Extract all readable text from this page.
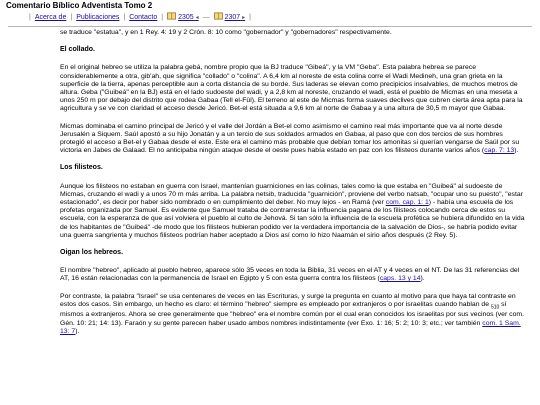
Comentario Bíblico Adventista Tomo 2
| Acerca de | Publicaciones | Contacto |	2305 ◂ —	2307 ▸ |

se traduce "estatua", y en 1 Rey. 4: 19 y 2 Crón. 8: 10 como "gobernador" y "gobernadores" respectivamente.

El collado.

En el original hebreo se utiliza la palabra gebá, nombre propio que la BJ traduce "Gibeá", y la VM "Geba". Esta palabra hebrea se parece considerablemente a otra, gib'ah, que significa "collado" o "colina". A 6,4 km al noreste de esta colina corre el Wadi Medineh, una gran grieta en la superficie de la tierra, apenas perceptible aun a corta distancia de su borde. Sus laderas se elevan como precipicios insalvables, de muchos metros de altura. Geba ("Guibeá" en la BJ) está en el lado sudoeste del wadi, y a 2,8 km al noreste, cruzando el wadi, está el pueblo de Micmas en una meseta a unos 250 m por debajo del distrito que rodea Gabaa (Tell el-Fûl). El terreno al este de Micmas forma suaves declives que cubren cierta área apta para la agricultura y se ve con claridad el acceso desde Jericó. Bet-el está situada a 9,6 km al norte de Gabaa y a una altura de 30,5 m mayor que Gabaa.

Micmas dominaba el camino principal de Jericó y el valle del Jordán a Bet-el como asimismo el camino real más importante que va al norte desde Jerusalén a Siquem. Saúl apostó a su hijo Jonatán y a un tercio de sus soldados armados en Gabaa, al paso que con dos tercios de sus hombres protegió el acceso a Bet-el y Gabaa desde el este. Este era el camino más probable que debían tomar los amonitas si querían vengarse de Saúl por su victoria en Jabes de Galaad. El no anticipaba ningún ataque desde el oeste pues había estado en paz con los filisteos durante varios años (cap. 7: 13).

Los filisteos.

Aunque los filisteos no estaban en guerra con Israel, mantenían guarniciones en las colinas, tales como la que estaba en "Guibeá" al sudoeste de Micmas, cruzando el wadi y a unos 70 m más arriba. La palabra netsib, traducida "guarnición", proviene del verbo natsab, "ocupar uno su puesto", "estar estacionado", es decir por haber sido nombrado o en cumplimiento del deber. No muy lejos - en Ramá (ver com. cap. 1: 1) - había una escuela de los profetas organizada por Samuel. Es evidente que Samuel trataba de contrarrestar la influencia pagana de los filisteos colocando cerca de estos su escuela, con la esperanza de que así volviera el pueblo al culto de Jehová. Si tan sólo la influencia de la escuela profética se hubiera difundido en la vida de los habitantes de "Guibeá" -de modo que los filisteos hubieran podido ver la verdadera importancia de la salvación de Dios-, se habría podido evitar una guerra sangrienta y muchos filisteos podrían haber aceptado a Dios así como lo hizo Naamán el sirio años después (2 Rey. 5).

Oigan los hebreos.

El nombre "hebreo", aplicado al pueblo hebreo, aparece sólo 35 veces en toda la Biblia, 31 veces en el AT y 4 veces en el NT. De las 31 referencias del AT, 16 están relacionadas con la permanencia de Israel en Egipto y 5 con esta guerra contra los filisteos (caps. 13 y 14).

Por contraste, la palabra "Israel" se usa centenares de veces en las Escrituras, y surge la pregunta en cuanto al motivo para que haya tal contraste en estos dos casos. Sin embargo, un hecho es claro: el término "hebreo" siempre es empleado por extranjeros o por israelitas cuando hablan de $_{510}$ sí mismos a extranjeros. Ahora se cree generalmente que "hebreo" era el nombre común por el cual eran conocidos los israelitas por sus vecinos (ver com. Gén. 10: 21; 14: 13). Faraón y su gente parecen haber usado ambos nombres indistintamente (ver Exo. 1: 16; 5: 2; 10: 3; etc.; ver también com. 1 Sam. 13: 7).
